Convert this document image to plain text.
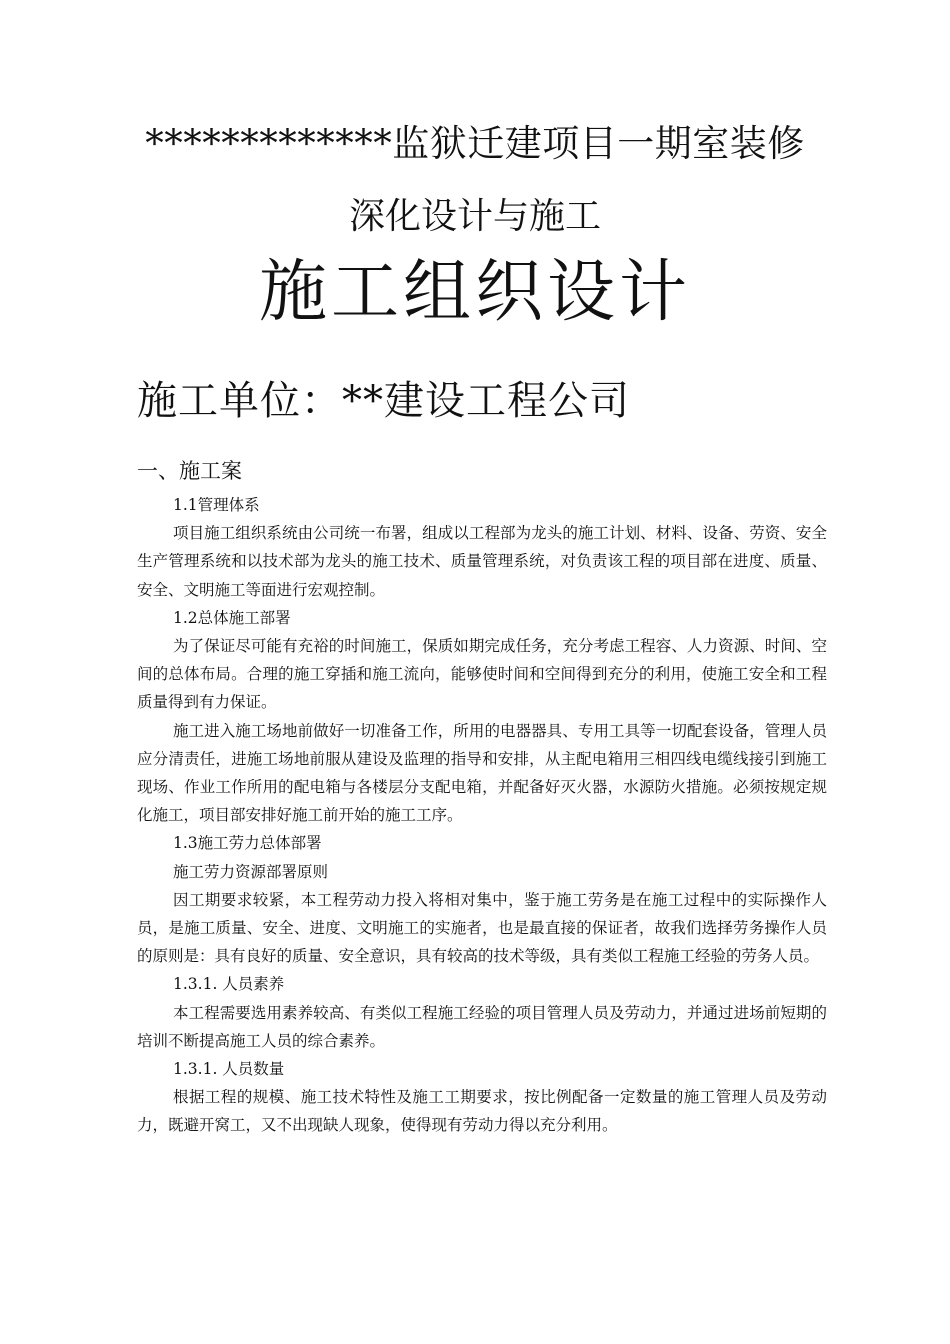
*************监狱迁建项目一期室装修
深化设计与施工
施工组织设计
施工单位：**建设工程公司
一、施工案
1.1管理体系
项目施工组织系统由公司统一布署，组成以工程部为龙头的施工计划、材料、设备、劳资、安全生产管理系统和以技术部为龙头的施工技术、质量管理系统，对负责该工程的项目部在进度、质量、安全、文明施工等面进行宏观控制。
1.2总体施工部署
为了保证尽可能有充裕的时间施工，保质如期完成任务，充分考虑工程容、人力资源、时间、空间的总体布局。合理的施工穿插和施工流向，能够使时间和空间得到充分的利用，使施工安全和工程质量得到有力保证。
施工进入施工场地前做好一切准备工作，所用的电器器具、专用工具等一切配套设备，管理人员应分清责任，进施工场地前服从建设及监理的指导和安排，从主配电箱用三相四线电缆线接引到施工现场、作业工作所用的配电箱与各楼层分支配电箱，并配备好灭火器，水源防火措施。必须按规定规化施工，项目部安排好施工前开始的施工工序。
1.3施工劳力总体部署
施工劳力资源部署原则
因工期要求较紧，本工程劳动力投入将相对集中，鉴于施工劳务是在施工过程中的实际操作人员，是施工质量、安全、进度、文明施工的实施者，也是最直接的保证者，故我们选择劳务操作人员的原则是：具有良好的质量、安全意识，具有较高的技术等级，具有类似工程施工经验的劳务人员。
1.3.1. 人员素养
本工程需要选用素养较高、有类似工程施工经验的项目管理人员及劳动力，并通过进场前短期的培训不断提高施工人员的综合素养。
1.3.1. 人员数量
根据工程的规模、施工技术特性及施工工期要求，按比例配备一定数量的施工管理人员及劳动力，既避开窝工，又不出现缺人现象，使得现有劳动力得以充分利用。
